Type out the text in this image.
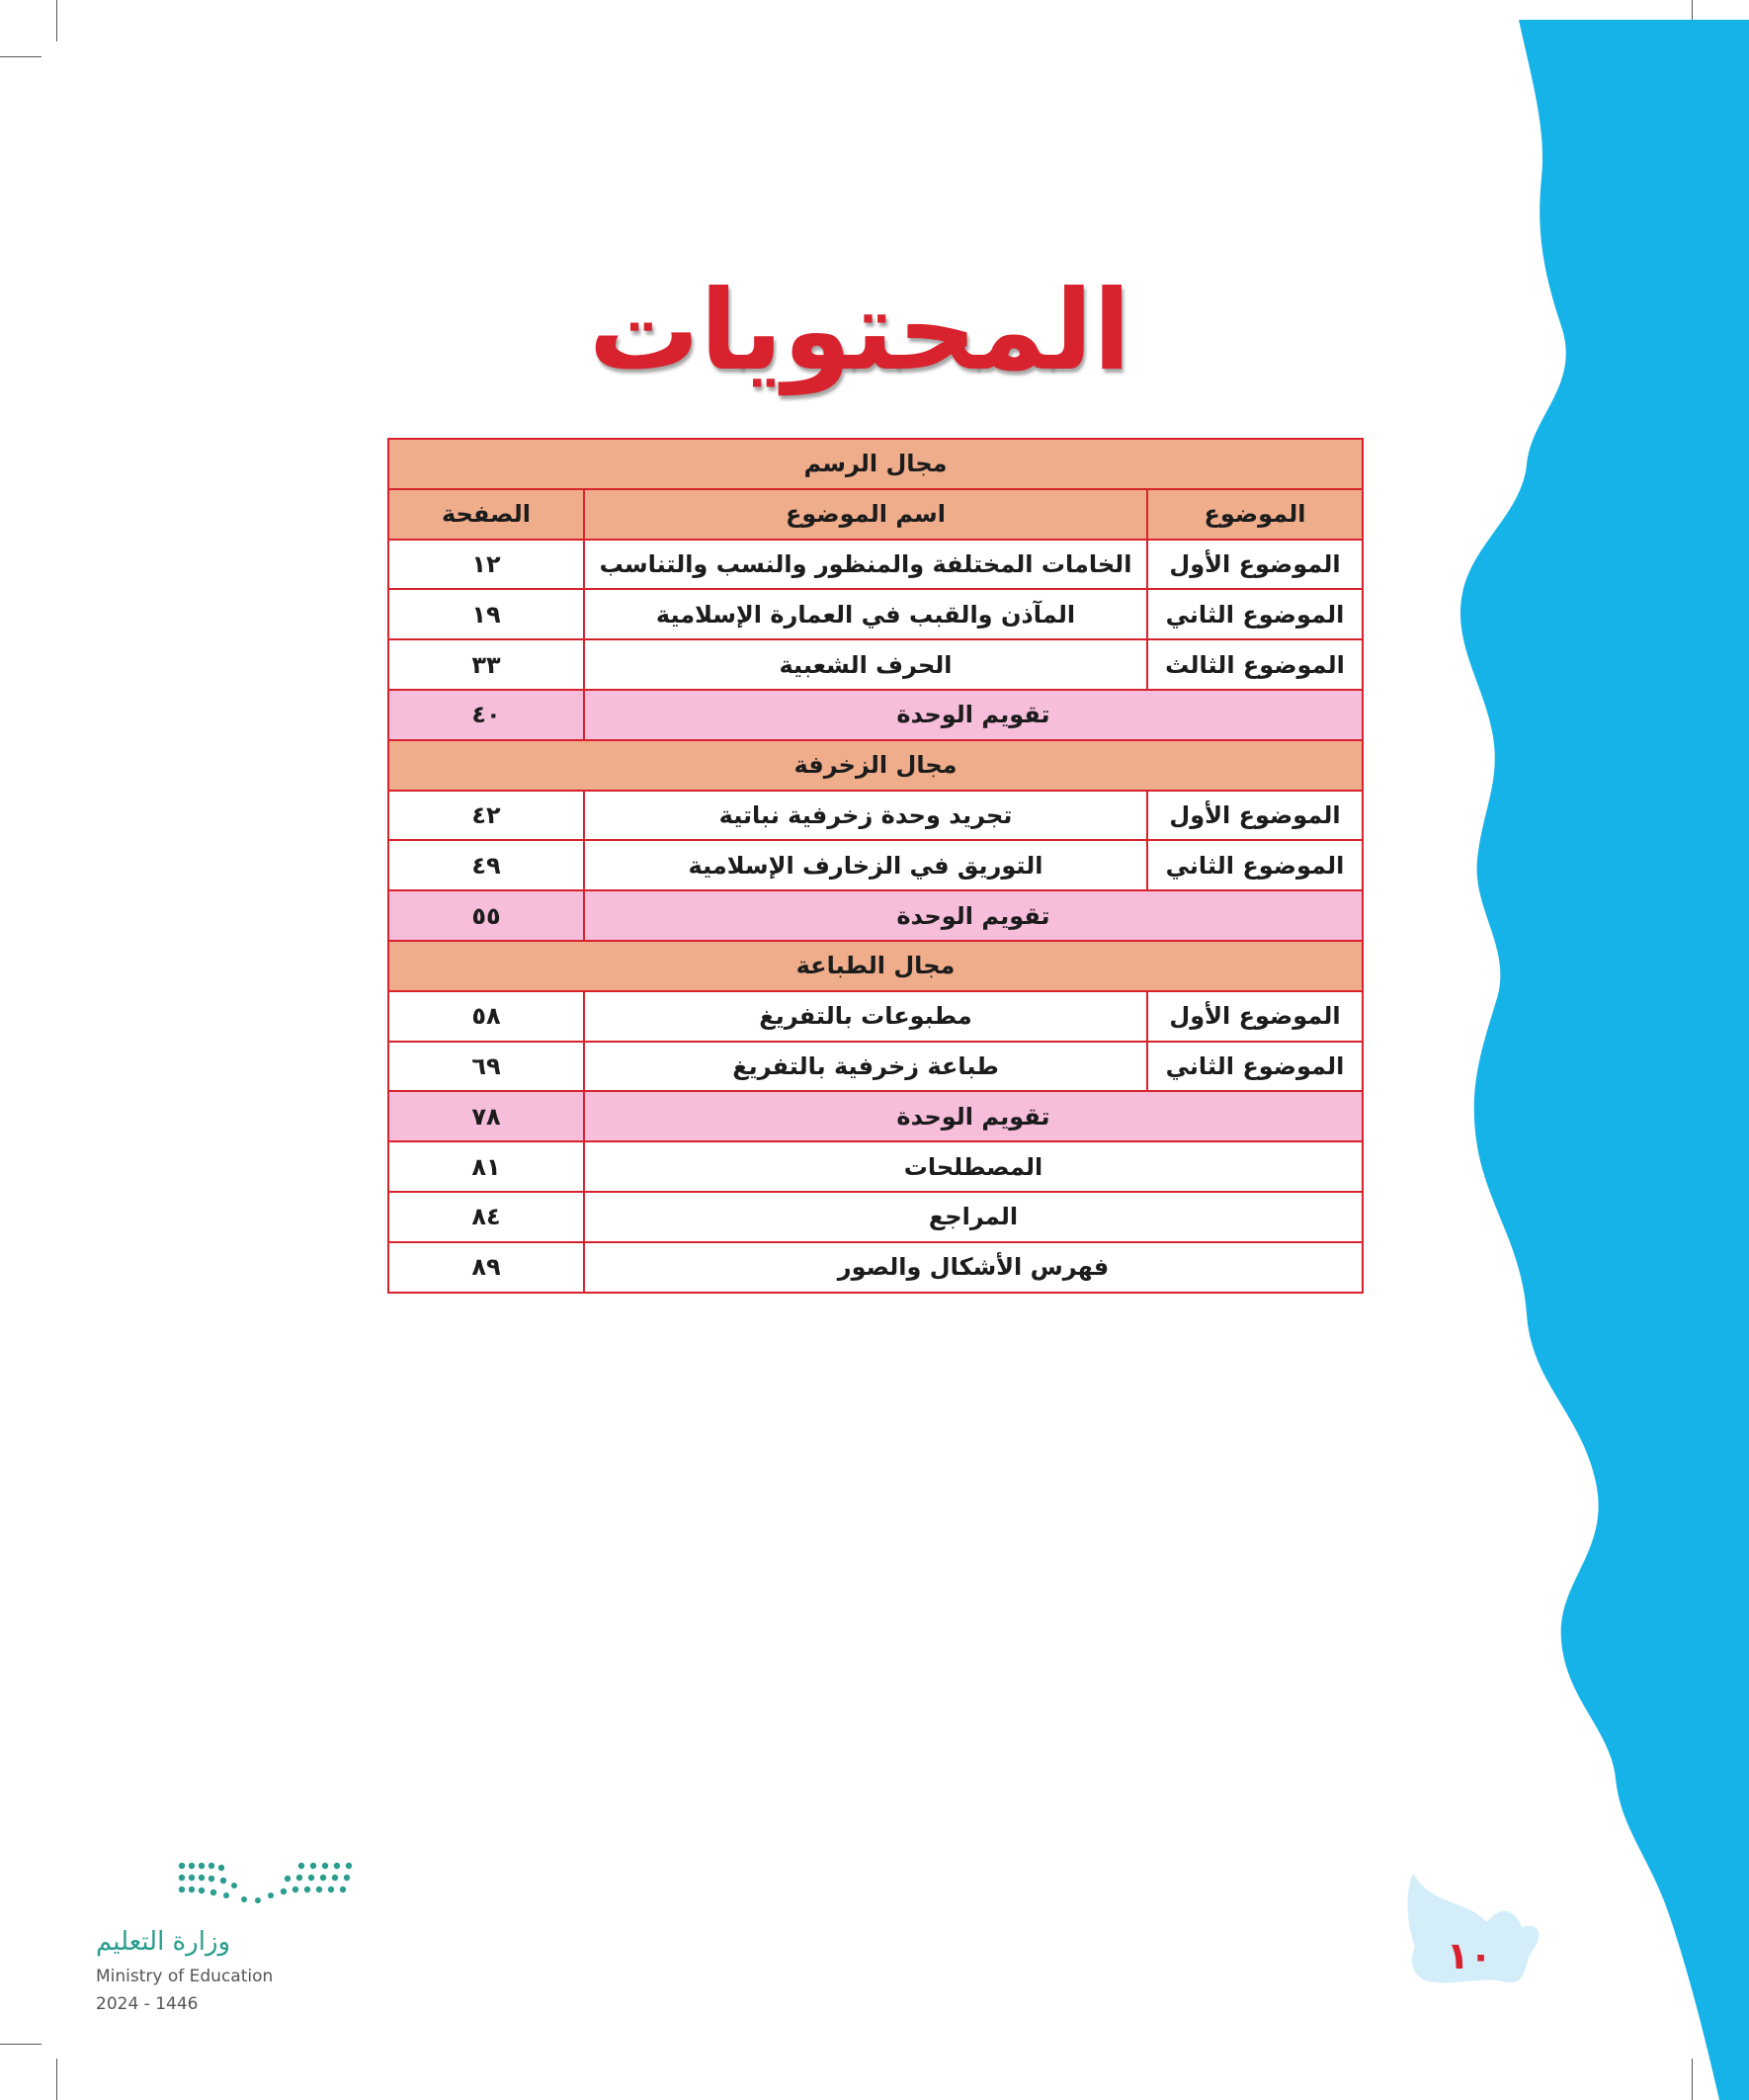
المحتويات
مجال الرسم		
الموضوع	اسم الموضوع	الصفحة
الموضوع الأول	الخامات المختلفة والمنظور والنسب والتناسب	١٢
الموضوع الثاني	المآذن والقبب في العمارة الإسلامية	١٩
الموضوع الثالث	الحرف الشعبية	٣٣
تقويم الوحدة		٤٠
مجال الزخرفة		
الموضوع الأول	تجريد وحدة زخرفية نباتية	٤٢
الموضوع الثاني	التوريق في الزخارف الإسلامية	٤٩
تقويم الوحدة		٥٥
مجال الطباعة		
الموضوع الأول	مطبوعات بالتفريغ	٥٨
الموضوع الثاني	طباعة زخرفية بالتفريغ	٦٩
تقويم الوحدة		٧٨
المصطلحات		٨١
المراجع		٨٤
فهرس الأشكال والصور		٨٩
١٠
وزارة التعليم
Ministry of Education
2024 - 1446
